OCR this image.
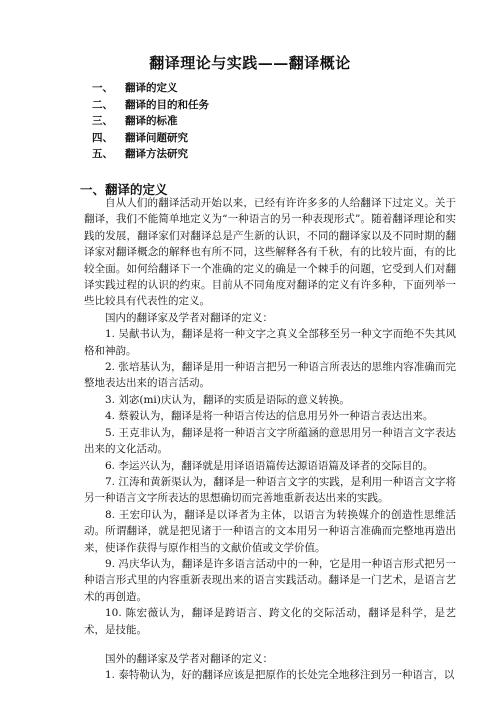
翻译理论与实践——翻译概论
一、 翻译的定义
二、 翻译的目的和任务
三、 翻译的标准
四、 翻译问题研究
五、 翻译方法研究
一、翻译的定义

自从人们的翻译活动开始以来，已经有许许多多的人给翻译下过定义。关于翻译，我们不能简单地定义为“一种语言的另一种表现形式”。随着翻译理论和实践的发展，翻译家们对翻译总是产生新的认识，不同的翻译家以及不同时期的翻译家对翻译概念的解释也有所不同，这些解释各有千秋，有的比较片面，有的比较全面。如何给翻译下一个准确的定义的确是一个棘手的问题，它受到人们对翻译实践过程的认识的约束。目前从不同角度对翻译的定义有许多种，下面列举一些比较具有代表性的定义。

国内的翻译家及学者对翻译的定义：

1. 吴献书认为，翻译是将一种文字之真义全部移至另一种文字而绝不失其风格和神韵。

2. 张培基认为，翻译是用一种语言把另一种语言所表达的思维内容准确而完整地表达出来的语言活动。

3. 刘宓(mi)庆认为，翻译的实质是语际的意义转换。

4. 蔡毅认为，翻译是将一种语言传达的信息用另外一种语言表达出来。

5. 王克非认为，翻译是将一种语言文字所蕴涵的意思用另一种语言文字表达出来的文化活动。

6. 李运兴认为，翻译就是用译语语篇传达源语语篇及译者的交际目的。

7. 江涛和黄新渠认为，翻译是一种语言文字的实践，是利用一种语言文字将另一种语言文字所表达的思想确切而完善地重新表达出来的实践。

8. 王宏印认为，翻译是以译者为主体，以语言为转换媒介的创造性思维活动。所谓翻译，就是把见诸于一种语言的文本用另一种语言准确而完整地再造出来，使译作获得与原作相当的文献价值或文学价值。

9. 冯庆华认为，翻译是许多语言活动中的一种，它是用一种语言形式把另一种语言形式里的内容重新表现出来的语言实践活动。翻译是一门艺术，是语言艺术的再创造。

10. 陈宏薇认为，翻译是跨语言、跨文化的交际活动，翻译是科学，是艺术，是技能。

国外的翻译家及学者对翻译的定义：

1. 泰特勒认为，好的翻译应该是把原作的长处完全地移注到另一种语言，以
